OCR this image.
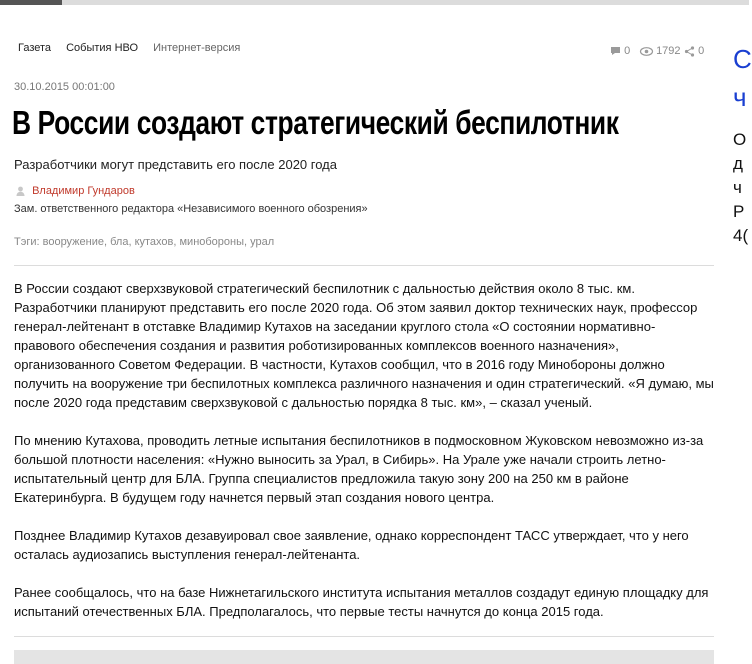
Газета События НВО Интернет-версия	0	1792	0
30.10.2015 00:01:00
В России создают стратегический беспилотник
Разработчики могут представить его после 2020 года
Владимир Гундаров
Зам. ответственного редактора «Независимого военного обозрения»
Тэги: вооружение, бла, кутахов, минобороны, урал

В России создают сверхзвуковой стратегический беспилотник с дальностью действия около 8 тыс. км. Разработчики планируют представить его после 2020 года. Об этом заявил доктор технических наук, профессор генерал-лейтенант в отставке Владимир Кутахов на заседании круглого стола «О состоянии нормативно-правового обеспечения создания и развития роботизированных комплексов военного назначения», организованного Советом Федерации. В частности, Кутахов сообщил, что в 2016 году Минобороны должно получить на вооружение три беспилотных комплекса различного назначения и один стратегический. «Я думаю, мы после 2020 года представим сверхзвуковой с дальностью порядка 8 тыс. км», – сказал ученый.

По мнению Кутахова, проводить летные испытания беспилотников в подмосковном Жуковском невозможно из-за большой плотности населения: «Нужно выносить за Урал, в Сибирь». На Урале уже начали строить летно-испытательный центр для БЛА. Группа специалистов предложила такую зону 200 на 250 км в районе Екатеринбурга. В будущем году начнется первый этап создания нового центра.

Позднее Владимир Кутахов дезавуировал свое заявление, однако корреспондент ТАСС утверждает, что у него осталась аудиозапись выступления генерал-лейтенанта.

Ранее сообщалось, что на базе Нижнетагильского института испытания металлов создадут единую площадку для испытаний отечественных БЛА. Предполагалось, что первые тесты начнутся до конца 2015 года.

С
ч
О
д
ч
Р
4(
